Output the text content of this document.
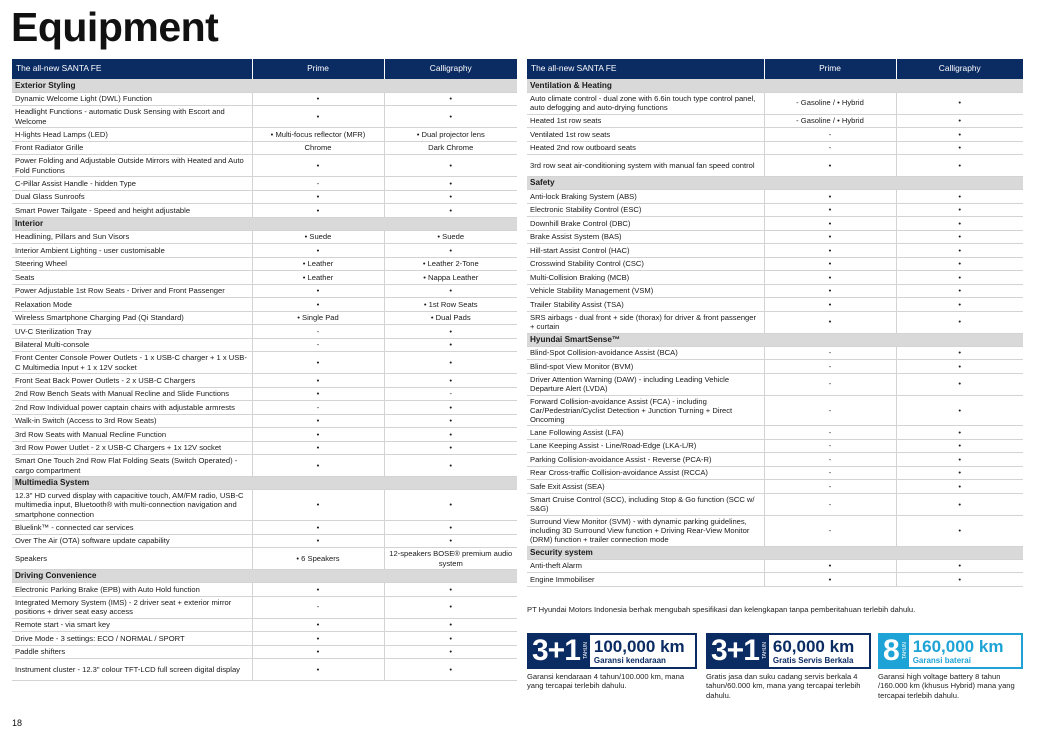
Equipment
The all-new SANTA FE	Prime	Calligraphy
Exterior Styling		
Dynamic Welcome Light (DWL) Function	•	•
Headlight Functions - automatic Dusk Sensing with Escort and Welcome	•	•
H-lights Head Lamps (LED)	• Multi-focus reflector (MFR)	• Dual projector lens
Front Radiator Grille	Chrome	Dark Chrome
Power Folding and Adjustable Outside Mirrors with Heated and Auto Fold Functions	•	•
C-Pillar Assist Handle - hidden Type	-	•
Dual Glass Sunroofs	•	•
Smart Power Tailgate - Speed and height adjustable	•	•
Interior		
Headlining, Pillars and Sun Visors	• Suede	• Suede
Interior Ambient Lighting - user customisable	•	•
Steering Wheel	• Leather	• Leather 2-Tone
Seats	• Leather	• Nappa Leather
Power Adjustable 1st Row Seats - Driver and Front Passenger	•	•
Relaxation Mode	•	• 1st Row Seats
Wireless Smartphone Charging Pad (Qi Standard)	• Single Pad	• Dual Pads
UV-C Sterilization Tray	-	•
Bilateral Multi-console	-	•
Front Center Console Power Outlets - 1 x USB-C charger + 1 x USB-C Multimedia Input + 1 x 12V socket	•	•
Front Seat Back Power Outlets - 2 x USB-C Chargers	•	•
2nd Row Bench Seats with Manual Recline and Slide Functions	•	-
2nd Row Individual power captain chairs with adjustable armrests	-	•
Walk-in Switch (Access to 3rd Row Seats)	•	•
3rd Row Seats with Manual Recline Function	•	•
3rd Row Power Uutlet - 2 x USB-C Chargers + 1x 12V socket	•	•
Smart One Touch 2nd Row Flat Folding Seats (Switch Operated) - cargo compartment	•	•
Multimedia System		
12.3" HD curved display with capacitive touch, AM/FM radio, USB-C multimedia input, Bluetooth® with multi-connection navigation and smartphone connection	•	•
Bluelink™ - connected car services	•	•
Over The Air (OTA) software update capability	•	•
Speakers	• 6 Speakers	12-speakers BOSE® premium audio system
Driving Convenience		
Electronic Parking Brake (EPB) with Auto Hold function	•	•
Integrated Memory System (IMS) - 2 driver seat + exterior mirror positions + driver seat easy access	-	•
Remote start - via smart key	•	•
Drive Mode - 3 settings: ECO / NORMAL / SPORT	•	•
Paddle shifters	•	•
Instrument cluster - 12.3" colour TFT-LCD full screen digital display	•	•
The all-new SANTA FE	Prime	Calligraphy
Ventilation & Heating		
Auto climate control - dual zone with 6.6in touch type control panel, auto defogging and auto-drying functions	- Gasoline / • Hybrid	•
Heated 1st row seats	- Gasoline / • Hybrid	•
Ventilated 1st row seats	-	•
Heated 2nd row outboard seats	-	•
3rd row seat air-conditioning system with manual fan speed control	•	•
Safety		
Anti-lock Braking System (ABS)	•	•
Electronic Stability Control (ESC)	•	•
Downhill Brake Control (DBC)	•	•
Brake Assist System (BAS)	•	•
Hill-start Assist Control (HAC)	•	•
Crosswind Stability Control (CSC)	•	•
Multi-Collision Braking (MCB)	•	•
Vehicle Stability Management (VSM)	•	•
Trailer Stability Assist (TSA)	•	•
SRS airbags - dual front + side (thorax) for driver & front passenger + curtain	•	•
Hyundai SmartSense™		
Blind-Spot Collision-avoidance Assist (BCA)	-	•
Blind-spot View Monitor (BVM)	-	•
Driver Attention Warning (DAW) - including Leading Vehicle Departure Alert (LVDA)	-	•
Forward Collision-avoidance Assist (FCA) - including Car/Pedestrian/Cyclist Detection + Junction Turning + Direct Oncoming	-	•
Lane Following Assist (LFA)	-	•
Lane Keeping Assist - Line/Road-Edge (LKA-L/R)	-	•
Parking Collision-avoidance Assist - Reverse (PCA-R)	-	•
Rear Cross-traffic Collision-avoidance Assist (RCCA)	-	•
Safe Exit Assist (SEA)	-	•
Smart Cruise Control (SCC), including Stop & Go function (SCC w/ S&G)	-	•
Surround View Monitor (SVM) - with dynamic parking guidelines, including 3D Surround View function + Driving Rear-View Monitor (DRM) function + trailer connection mode	-	•
Security system		
Anti-theft Alarm	•	•
Engine Immobiliser	•	•
PT Hyundai Motors Indonesia berhak mengubah spesifikasi dan kelengkapan tanpa pemberitahuan terlebih dahulu.
3+1 TAHUN 100,000 km
Garansi kendaraan	3+1 TAHUN 60,000 km
Gratis Servis Berkala 8 TAHUN 160,000 km
Garansi baterai
Garansi kendaraan 4 tahun/100.000 km, mana yang tercapai terlebih dahulu.
Gratis jasa dan suku cadang servis berkala 4 tahun/60.000 km, mana yang tercapai terlebih dahulu.
Garansi high voltage battery 8 tahun /160.000 km (khusus Hybrid) mana yang tercapai terlebih dahulu.
18
